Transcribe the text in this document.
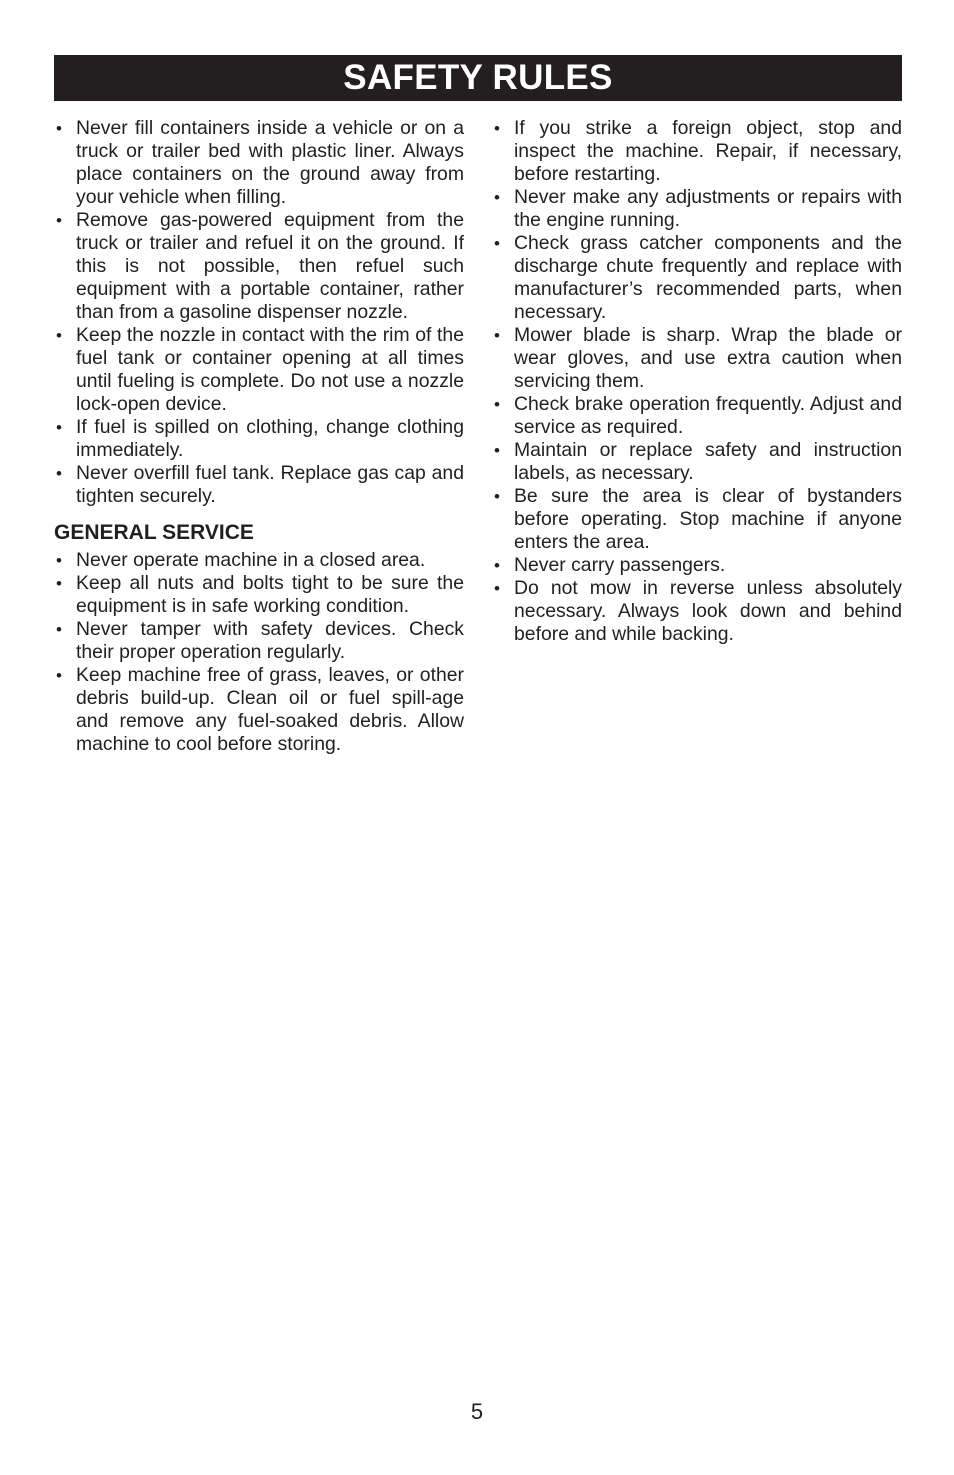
SAFETY RULES
• Never fill containers inside a vehicle or on a truck or trailer bed with plastic liner. Always place containers on the ground away from your vehicle when filling.
• Remove gas-powered equipment from the truck or trailer and refuel it on the ground. If this is not possible, then refuel such equipment with a portable container, rather than from a gasoline dispenser nozzle.
• Keep the nozzle in contact with the rim of the fuel tank or container opening at all times until fueling is complete. Do not use a nozzle lock-open device.
• If fuel is spilled on clothing, change clothing immediately.
• Never overfill fuel tank. Replace gas cap and tighten securely.
GENERAL SERVICE
• Never operate machine in a closed area.
• Keep all nuts and bolts tight to be sure the equipment is in safe working condition.
• Never tamper with safety devices. Check their proper operation regularly.
• Keep machine free of grass, leaves, or other debris build-up. Clean oil or fuel spill-age and remove any fuel-soaked debris. Allow machine to cool before storing.
• If you strike a foreign object, stop and inspect the machine. Repair, if necessary, before restarting.
• Never make any adjustments or repairs with the engine running.
• Check grass catcher components and the discharge chute frequently and replace with manufacturer’s recommended parts, when necessary.
• Mower blade is sharp. Wrap the blade or wear gloves, and use extra caution when servicing them.
• Check brake operation frequently. Adjust and service as required.
• Maintain or replace safety and instruction labels, as necessary.
• Be sure the area is clear of bystanders before operating. Stop machine if anyone enters the area.
• Never carry passengers.
• Do not mow in reverse unless absolutely necessary. Always look down and behind before and while backing.
5
